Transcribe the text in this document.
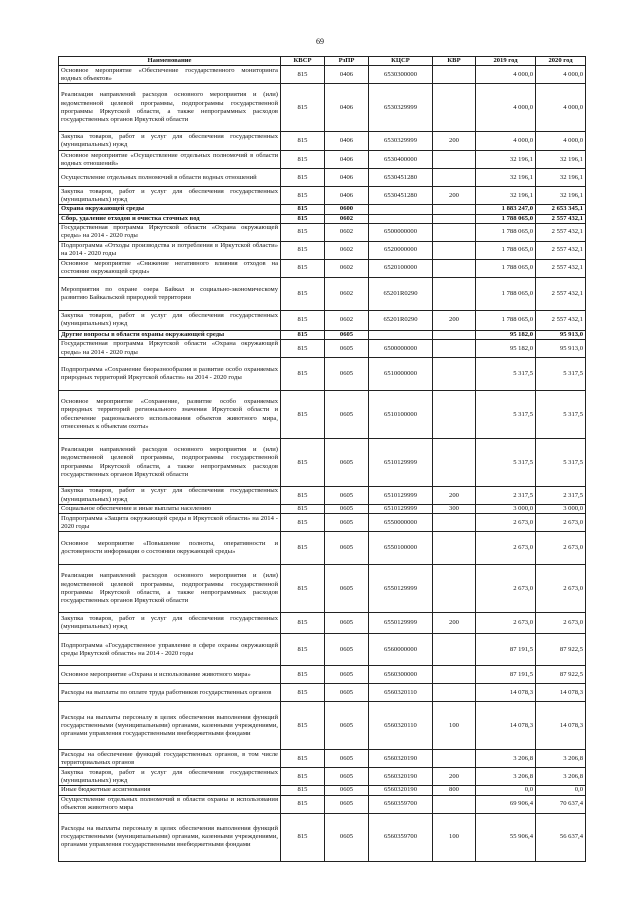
69
Наименование	КВСР	РзПР	КЦСР	КВР	2019 год	2020 год
Основное мероприятие «Обеспечение государственного мониторинга водных объектов»	815	0406	6530300000		4 000,0	4 000,0
Реализация направлений расходов основного мероприятия и (или) ведомственной целевой программы, подпрограммы государственной программы Иркутской области, а также непрограммных расходов государственных органов Иркутской области	815	0406	6530329999		4 000,0	4 000,0
Закупка товаров, работ и услуг для обеспечения государственных (муниципальных) нужд	815	0406	6530329999	200	4 000,0	4 000,0
Основное мероприятие «Осуществление отдельных полномочий в области водных отношений»	815	0406	6530400000		32 196,1	32 196,1
Осуществление отдельных полномочий в области водных отношений	815	0406	6530451280		32 196,1	32 196,1
Закупка товаров, работ и услуг для обеспечения государственных (муниципальных) нужд	815	0406	6530451280	200	32 196,1	32 196,1
Охрана окружающей среды	815	0600			1 883 247,0	2 653 345,1
Сбор, удаление отходов и очистка сточных вод	815	0602			1 788 065,0	2 557 432,1
Государственная программа Иркутской области «Охрана окружающей среды» на 2014 - 2020 годы	815	0602	6500000000		1 788 065,0	2 557 432,1
Подпрограмма «Отходы производства и потребления в Иркутской области» на 2014 - 2020 годы	815	0602	6520000000		1 788 065,0	2 557 432,1
Основное мероприятие «Снижение негативного влияния отходов на состояние окружающей среды»	815	0602	6520100000		1 788 065,0	2 557 432,1
Мероприятия по охране озера Байкал и социально-экономическому развитию Байкальской природной территории	815	0602	65201R0290		1 788 065,0	2 557 432,1
Закупка товаров, работ и услуг для обеспечения государственных (муниципальных) нужд	815	0602	65201R0290	200	1 788 065,0	2 557 432,1
Другие вопросы в области охраны окружающей среды	815	0605			95 182,0	95 913,0
Государственная программа Иркутской области «Охрана окружающей среды» на 2014 - 2020 годы	815	0605	6500000000		95 182,0	95 913,0
Подпрограмма «Сохранение биоразнообразия и развитие особо охраняемых природных территорий Иркутской области» на 2014 - 2020 годы	815	0605	6510000000		5 317,5	5 317,5
Основное мероприятие «Сохранение, развитие особо охраняемых природных территорий регионального значения Иркутской области и обеспечение рационального использования объектов животного мира, отнесенных к объектам охоты»	815	0605	6510100000		5 317,5	5 317,5
Реализация направлений расходов основного мероприятия и (или) ведомственной целевой программы, подпрограммы государственной программы Иркутской области, а также непрограммных расходов государственных органов Иркутской области	815	0605	6510129999		5 317,5	5 317,5
Закупка товаров, работ и услуг для обеспечения государственных (муниципальных) нужд	815	0605	6510129999	200	2 317,5	2 317,5
Социальное обеспечение и иные выплаты населению	815	0605	6510129999	300	3 000,0	3 000,0
Подпрограмма «Защита окружающей среды в Иркутской области» на 2014 - 2020 годы	815	0605	6550000000		2 673,0	2 673,0
Основное мероприятие «Повышение полноты, оперативности и достоверности информации о состоянии окружающей среды»	815	0605	6550100000		2 673,0	2 673,0
Реализация направлений расходов основного мероприятия и (или) ведомственной целевой программы, подпрограммы государственной программы Иркутской области, а также непрограммных расходов государственных органов Иркутской области	815	0605	6550129999		2 673,0	2 673,0
Закупка товаров, работ и услуг для обеспечения государственных (муниципальных) нужд	815	0605	6550129999	200	2 673,0	2 673,0
Подпрограмма «Государственное управление в сфере охраны окружающей среды Иркутской области» на 2014 - 2020 годы	815	0605	6560000000		87 191,5	87 922,5
Основное мероприятие «Охрана и использование животного мира»	815	0605	6560300000		87 191,5	87 922,5
Расходы на выплаты по оплате труда работников государственных органов	815	0605	6560320110		14 078,3	14 078,3
Расходы на выплаты персоналу в целях обеспечения выполнения функций государственными (муниципальными) органами, казенными учреждениями, органами управления государственными внебюджетными фондами	815	0605	6560320110	100	14 078,3	14 078,3
Расходы на обеспечение функций государственных органов, в том числе территориальных органов	815	0605	6560320190		3 206,8	3 206,8
Закупка товаров, работ и услуг для обеспечения государственных (муниципальных) нужд	815	0605	6560320190	200	3 206,8	3 206,8
Иные бюджетные ассигнования	815	0605	6560320190	800	0,0	0,0
Осуществление отдельных полномочий в области охраны и использования объектов животного мира	815	0605	6560359700		69 906,4	70 637,4
Расходы на выплаты персоналу в целях обеспечения выполнения функций государственными (муниципальными) органами, казенными учреждениями, органами управления государственными внебюджетными фондами	815	0605	6560359700	100	55 906,4	56 637,4
